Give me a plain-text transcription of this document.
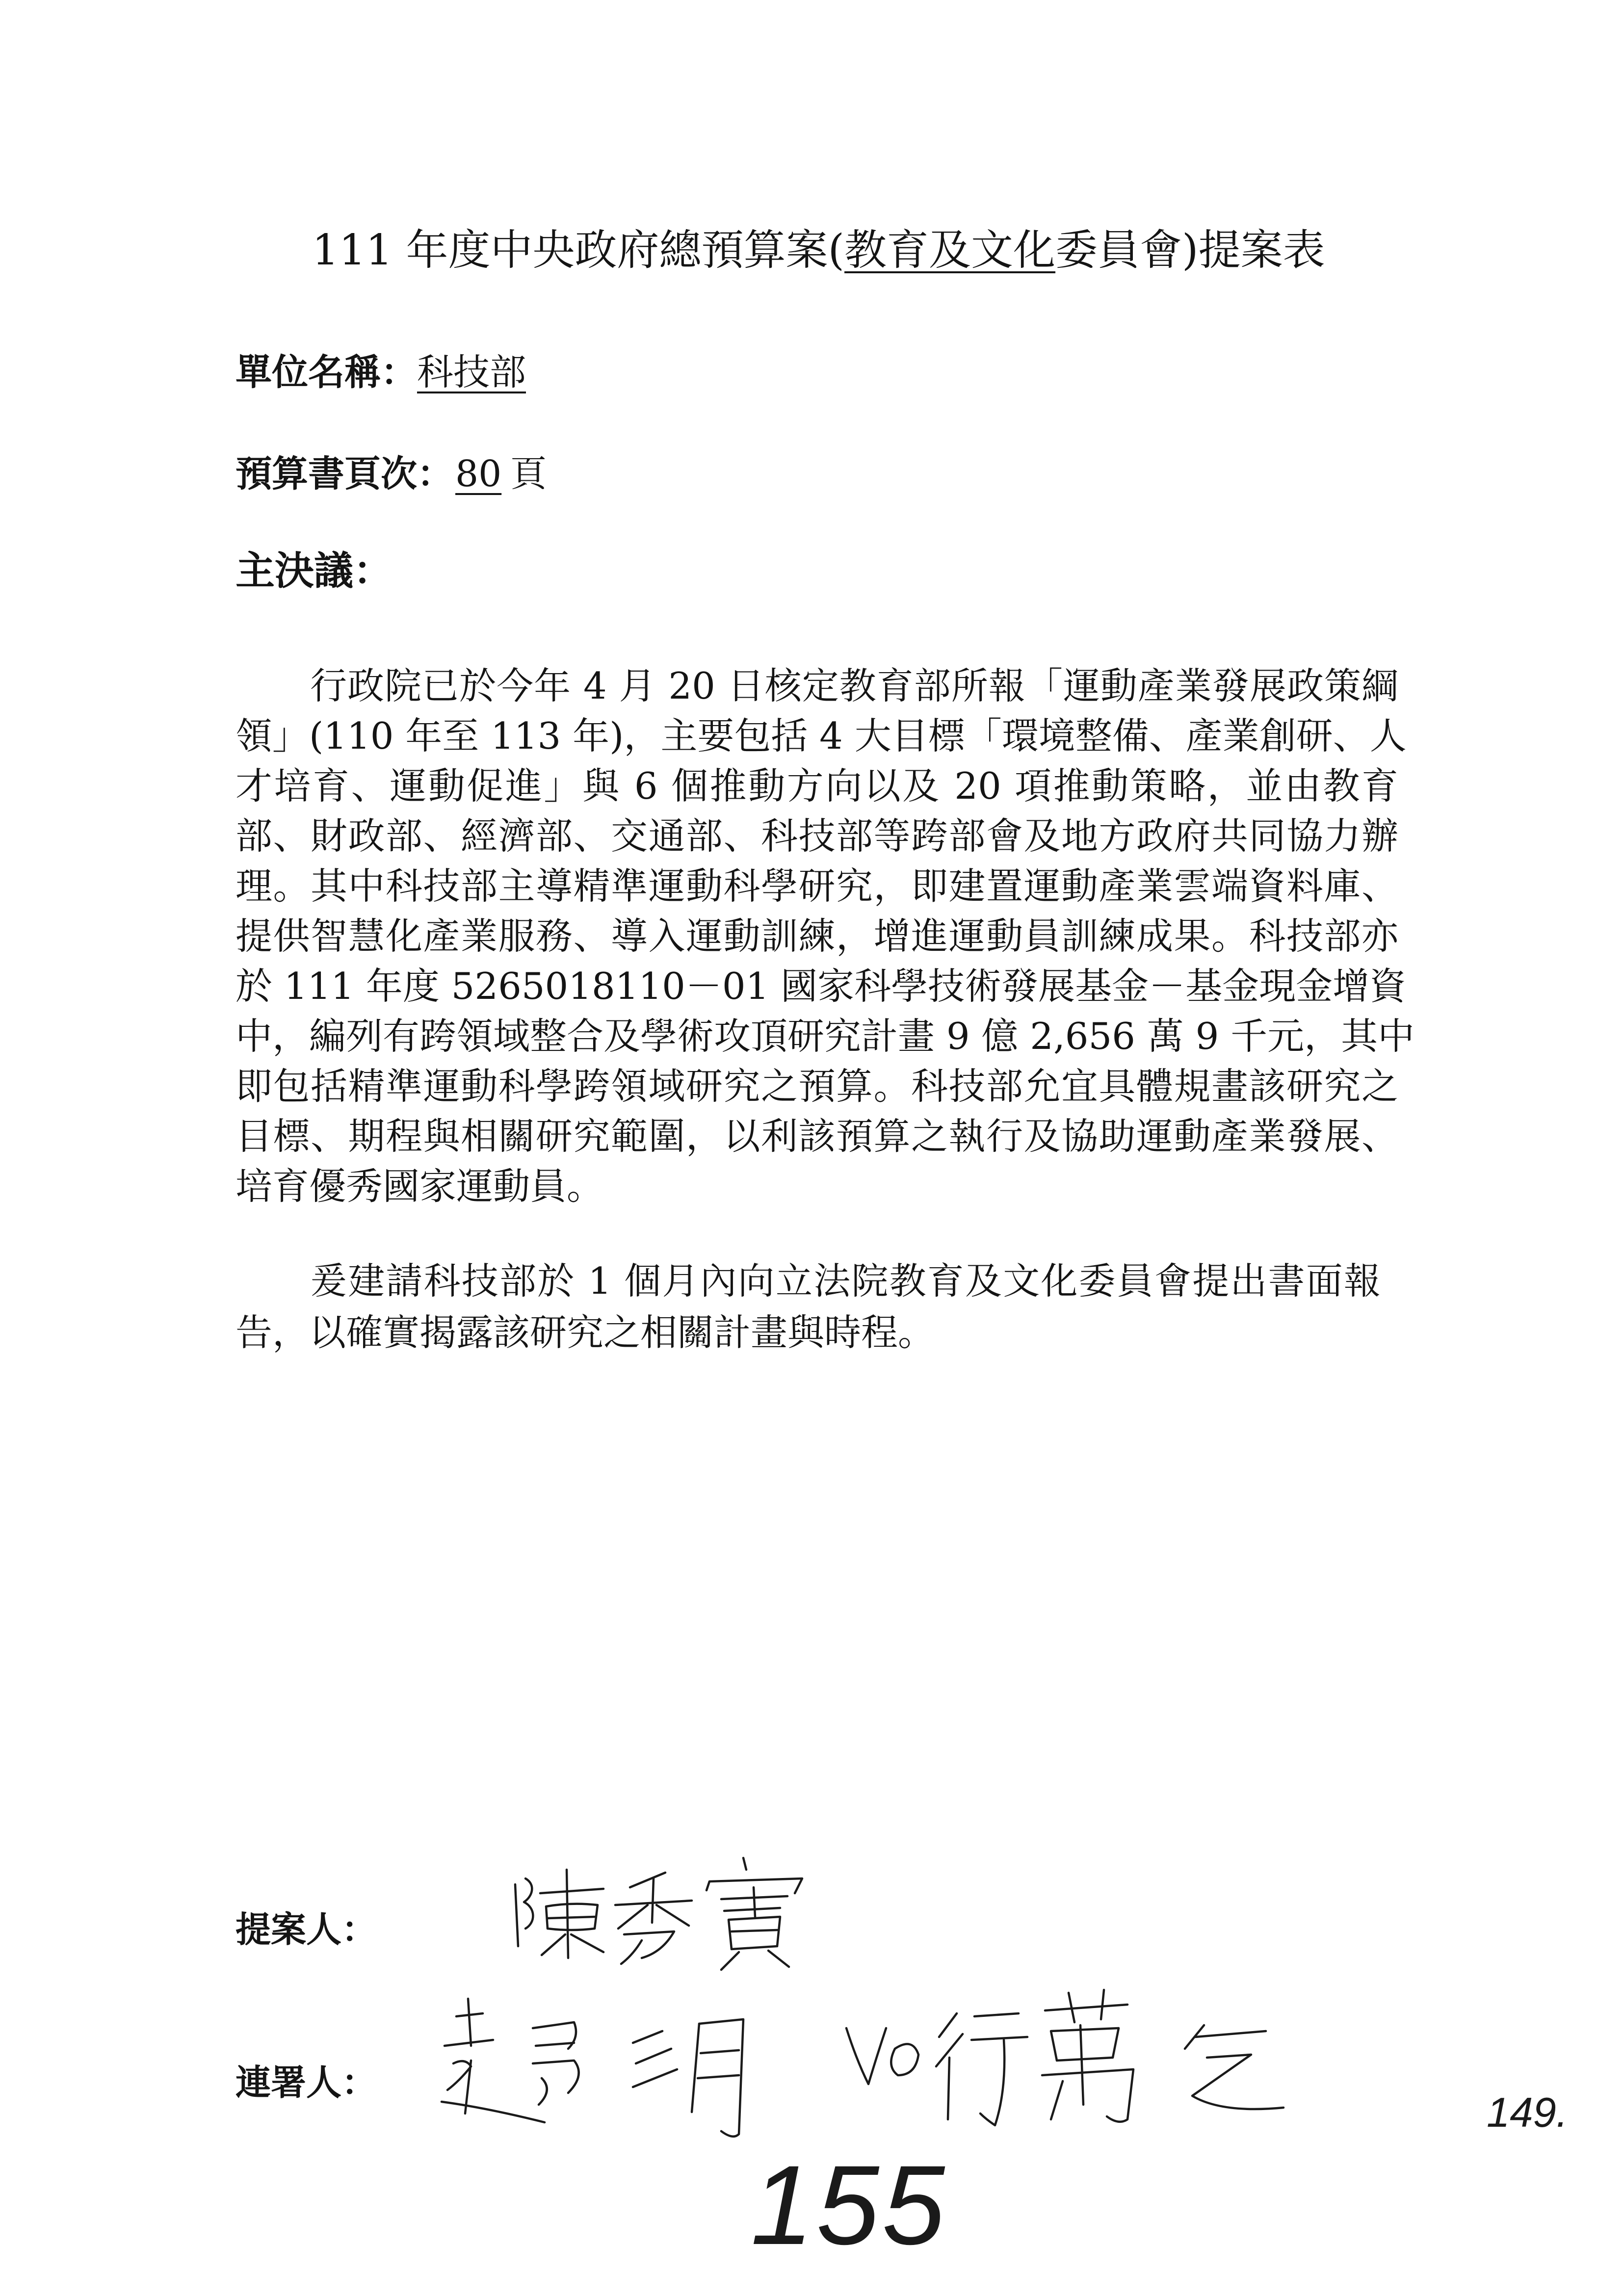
111 年度中央政府總預算案(教育及文化委員會)提案表
單位名稱：科技部
預算書頁次：80 頁
主決議：
行政院已於今年 4 月 20 日核定教育部所報「運動產業發展政策綱
領」(110 年至 113 年)，主要包括 4 大目標「環境整備、產業創研、人
才培育、運動促進」與 6 個推動方向以及 20 項推動策略，並由教育
部、財政部、經濟部、交通部、科技部等跨部會及地方政府共同協力辦
理。其中科技部主導精準運動科學研究，即建置運動產業雲端資料庫、
提供智慧化產業服務、導入運動訓練，增進運動員訓練成果。科技部亦
於 111 年度 5265018110－01 國家科學技術發展基金－基金現金增資
中，編列有跨領域整合及學術攻頂研究計畫 9 億 2,656 萬 9 千元，其中
即包括精準運動科學跨領域研究之預算。科技部允宜具體規畫該研究之
目標、期程與相關研究範圍，以利該預算之執行及協助運動產業發展、
培育優秀國家運動員。
爰建請科技部於 1 個月內向立法院教育及文化委員會提出書面報
告，以確實揭露該研究之相關計畫與時程。
提案人：
連署人：
155
149.
